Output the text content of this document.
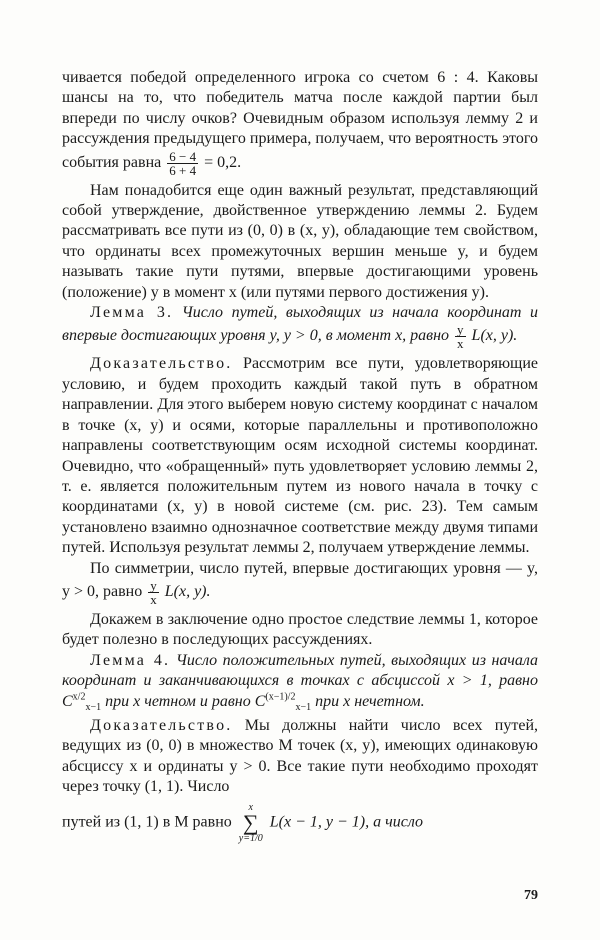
чивается победой определенного игрока со счетом 6 : 4. Каковы шансы на то, что победитель матча после каждой партии был впереди по числу очков? Очевидным образом используя лемму 2 и рассуждения предыдущего примера, получаем, что вероятность этого события равна $\frac{6 - 4}{6 + 4} = 0,2$.

Нам понадобится еще один важный результат, представляющий собой утверждение, двойственное утверждению леммы 2. Будем рассматривать все пути из (0, 0) в (x, y), обладающие тем свойством, что ординаты всех промежуточных вершин меньше y, и будем называть такие пути путями, впервые достигающими уровень (положение) y в момент x (или путями первого достижения y).

Лемма 3. Число путей, выходящих из начала координат и впервые достигающих уровня y, y > 0, в момент x, равно $\frac{y}{x} L(x$, y).

Доказательство. Рассмотрим все пути, удовлетворяющие условию, и будем проходить каждый такой путь в обратном направлении. Для этого выберем новую систему координат с началом в точке (x, y) и осями, которые параллельны и противоположно направлены соответствующим осям исходной системы координат. Очевидно, что «обращенный» путь удовлетворяет условию леммы 2, т. е. является положительным путем из нового начала в точку с координатами (x, y) в новой системе (см. рис. 23). Тем самым установлено взаимно однозначное соответствие между двумя типами путей. Используя результат леммы 2, получаем утверждение леммы.

По симметрии, число путей, впервые достигающих уровня — y, y > 0, равно $\frac{y}{x} L(x$, y).

Докажем в заключение одно простое следствие леммы 1, которое будет полезно в последующих рассуждениях.

Лемма 4. Число положительных путей, выходящих из начала координат и заканчивающихся в точках с абсциссой x > 1, равно $C^{x/2}_{x-1}$ при x четном и равно $C^{(x-1)/2}_{x-1}$ при x нечетном.

Доказательство. Мы должны найти число всех путей, ведущих из (0, 0) в множество M точек (x, y), имеющих одинаковую абсциссу x и ординаты y > 0. Все такие пути необходимо проходят через точку (1, 1). Число

путей из (1, 1) в M равно
x
∑
y=1/0
L(x − 1, y − 1), а число

79
